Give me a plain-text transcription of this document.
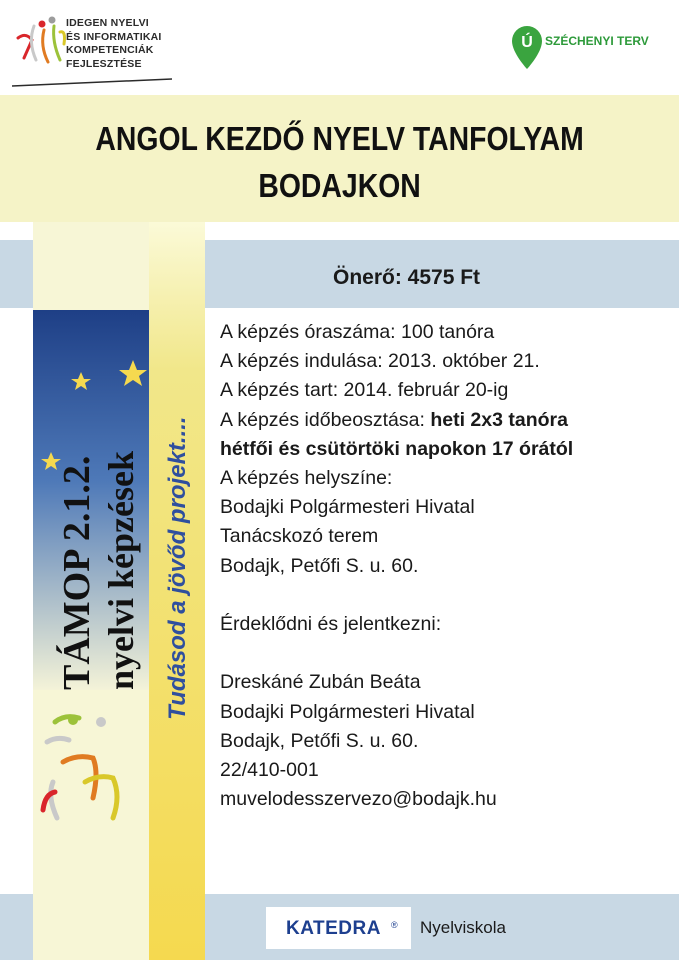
IDEGEN NYELVI
ÉS INFORMATIKAI
KOMPETENCIÁK
FEJLESZTÉSE
Ú SZÉCHENYI TERV
ANGOL KEZDŐ NYELV TANFOLYAM
BODAJKON
TÁMOP 2.1.2. nyelvi képzések Tudásod a jövőd projekt....
Önerő: 4575 Ft
A képzés óraszáma: 100 tanóra
A képzés indulása: 2013. október 21.
A képzés tart: 2014. február 20-ig
A képzés időbeosztása: heti 2x3 tanóra
hétfői és csütörtöki napokon 17 órától
A képzés helyszíne:
Bodajki Polgármesteri Hivatal
Tanácskozó terem
Bodajk, Petőfi S. u. 60.

Érdeklődni és jelentkezni:

Dreskáné Zubán Beáta
Bodajki Polgármesteri Hivatal
Bodajk, Petőfi S. u. 60.
22/410-001
muvelodesszervezo@bodajk.hu
KATEDRA ® Nyelviskola
